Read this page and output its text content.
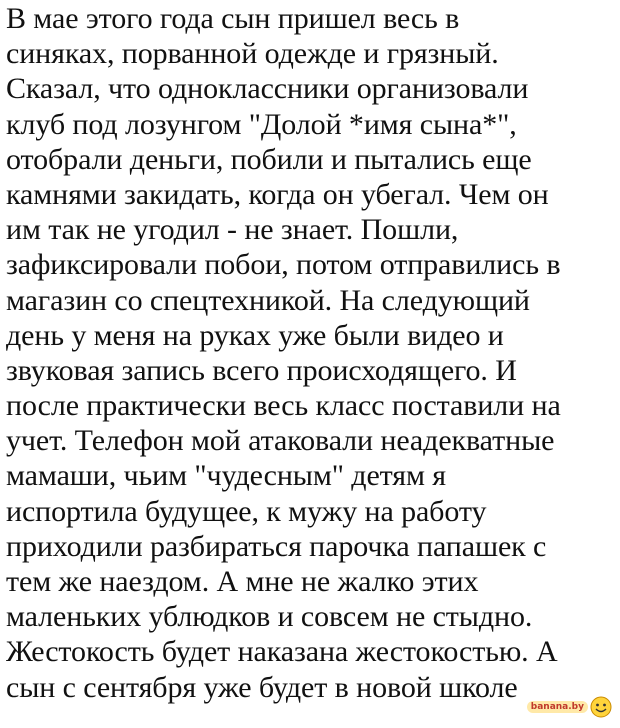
В мае этого года сын пришел весь в
синяках, порванной одежде и грязный.
Сказал, что одноклассники организовали
клуб под лозунгом "Долой *имя сына*",
отобрали деньги, побили и пытались еще
камнями закидать, когда он убегал. Чем он
им так не угодил - не знает. Пошли,
зафиксировали побои, потом отправились в
магазин со спецтехникой. На следующий
день у меня на руках уже были видео и
звуковая запись всего происходящего. И
после практически весь класс поставили на
учет. Телефон мой атаковали неадекватные
мамаши, чьим "чудесным" детям я
испортила будущее, к мужу на работу
приходили разбираться парочка папашек с
тем же наездом. А мне не жалко этих
маленьких ублюдков и совсем не стыдно.
Жестокость будет наказана жестокостью. А
сын с сентября уже будет в новой школе
banana.by
